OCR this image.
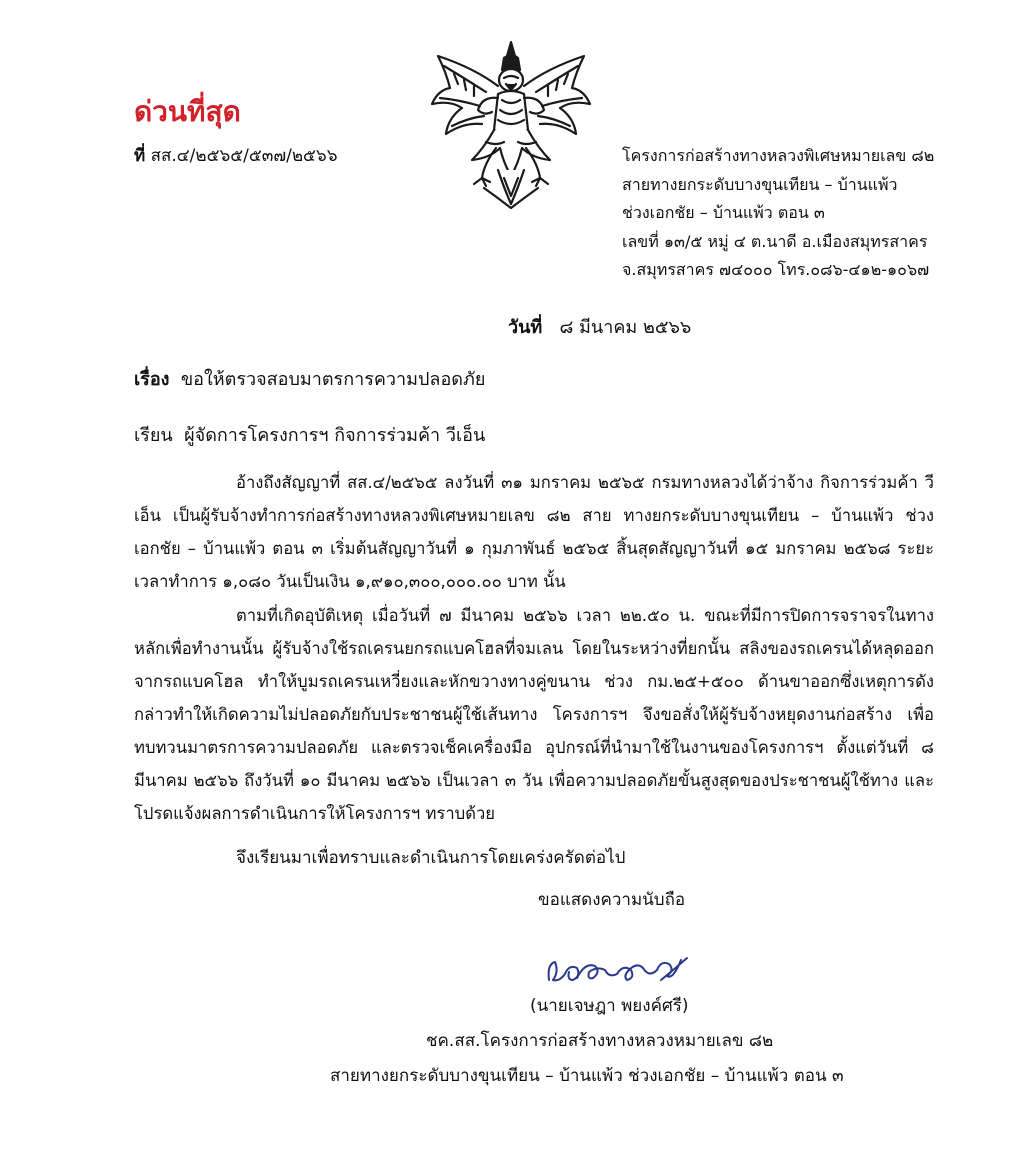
ด่วนที่สุด
ที่ สส.๔/๒๕๖๕/๕๓๗/๒๕๖๖	โครงการก่อสร้างทางหลวงพิเศษหมายเลข ๘๒
สายทางยกระดับบางขุนเทียน – บ้านแพ้ว
ช่วงเอกชัย – บ้านแพ้ว ตอน ๓
เลขที่ ๑๓/๕ หมู่ ๔ ต.นาดี อ.เมืองสมุทรสาคร
จ.สมุทรสาคร ๗๔๐๐๐ โทร.๐๘๖-๔๑๒-๑๐๖๗
วันที่ ๘ มีนาคม ๒๕๖๖
เรื่อง ขอให้ตรวจสอบมาตรการความปลอดภัย
เรียน ผู้จัดการโครงการฯ กิจการร่วมค้า วีเอ็น

อ้างถึงสัญญาที่ สส.๔/๒๕๖๕ ลงวันที่ ๓๑ มกราคม ๒๕๖๕ กรมทางหลวงได้ว่าจ้าง กิจการร่วมค้า วีเอ็น เป็นผู้รับจ้างทำการก่อสร้างทางหลวงพิเศษหมายเลข ๘๒ สาย ทางยกระดับบางขุนเทียน – บ้านแพ้ว ช่วงเอกชัย – บ้านแพ้ว ตอน ๓ เริ่มต้นสัญญาวันที่ ๑ กุมภาพันธ์ ๒๕๖๕ สิ้นสุดสัญญาวันที่ ๑๕ มกราคม ๒๕๖๘ ระยะเวลาทำการ ๑,๐๘๐ วันเป็นเงิน ๑,๙๑๐,๓๐๐,๐๐๐.๐๐ บาท นั้น

ตามที่เกิดอุบัติเหตุ เมื่อวันที่ ๗ มีนาคม ๒๕๖๖ เวลา ๒๒.๕๐ น. ขณะที่มีการปิดการจราจรในทางหลักเพื่อทำงานนั้น ผู้รับจ้างใช้รถเครนยกรถแบคโฮลที่จมเลน โดยในระหว่างที่ยกนั้น สลิงของรถเครนได้หลุดออกจากรถแบคโฮล ทำให้บูมรถเครนเหวี่ยงและหักขวางทางคู่ขนาน ช่วง กม.๒๕+๕๐๐ ด้านขาออกซึ่งเหตุการดังกล่าวทำให้เกิดความไม่ปลอดภัยกับประชาชนผู้ใช้เส้นทาง โครงการฯ จึงขอสั่งให้ผู้รับจ้างหยุดงานก่อสร้าง เพื่อทบทวนมาตรการความปลอดภัย และตรวจเช็คเครื่องมือ อุปกรณ์ที่นำมาใช้ในงานของโครงการฯ ตั้งแต่วันที่ ๘ มีนาคม ๒๕๖๖ ถึงวันที่ ๑๐ มีนาคม ๒๕๖๖ เป็นเวลา ๓ วัน เพื่อความปลอดภัยขั้นสูงสุดของประชาชนผู้ใช้ทาง และโปรดแจ้งผลการดำเนินการให้โครงการฯ ทราบด้วย

จึงเรียนมาเพื่อทราบและดำเนินการโดยเคร่งครัดต่อไป
ขอแสดงความนับถือ
(นายเจษฎา พยงค์ศรี)
ชค.สส.โครงการก่อสร้างทางหลวงหมายเลข ๘๒
สายทางยกระดับบางขุนเทียน – บ้านแพ้ว ช่วงเอกชัย – บ้านแพ้ว ตอน ๓
